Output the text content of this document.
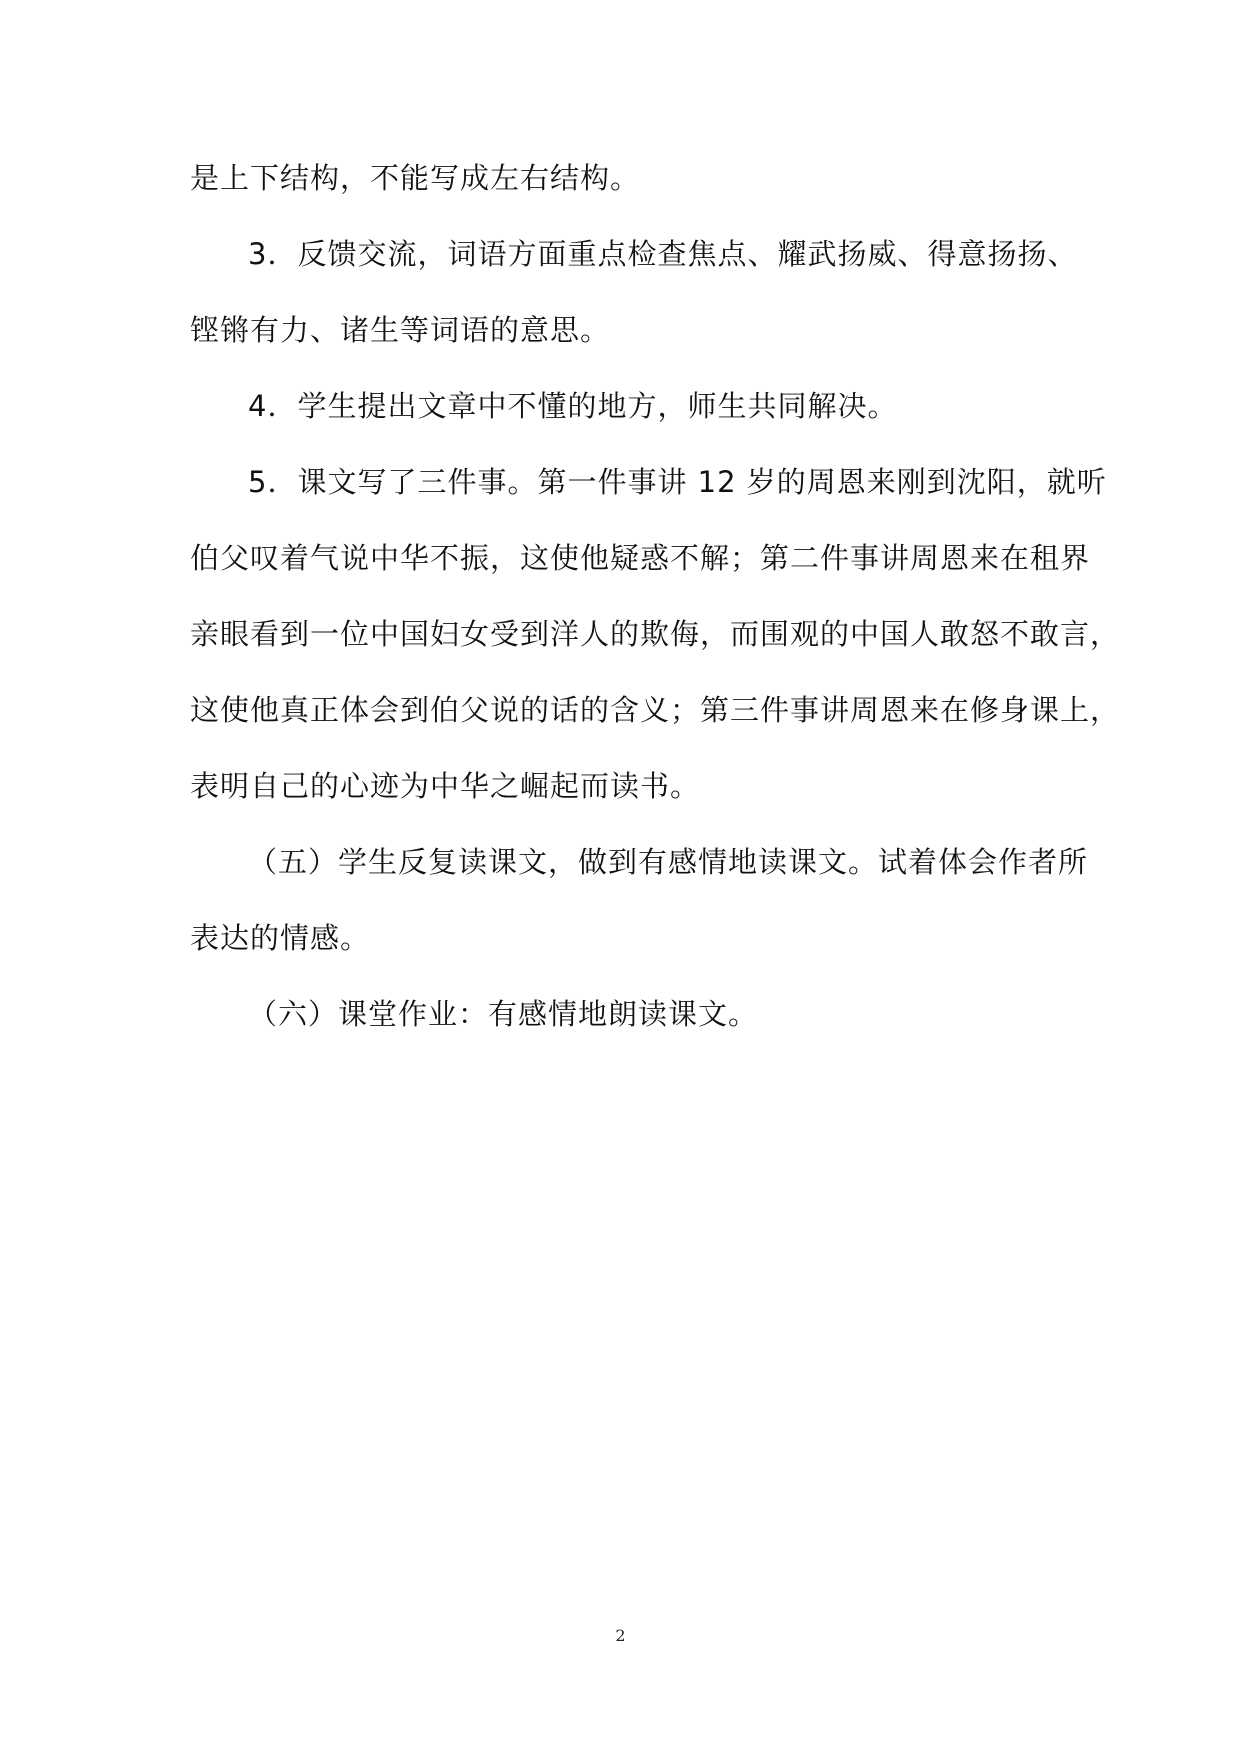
是上下结构，不能写成左右结构。

3．反馈交流，词语方面重点检查焦点、耀武扬威、得意扬扬、
铿锵有力、诸生等词语的意思。

4．学生提出文章中不懂的地方，师生共同解决。

5．课文写了三件事。第一件事讲 12 岁的周恩来刚到沈阳，就听
伯父叹着气说中华不振，这使他疑惑不解；第二件事讲周恩来在租界
亲眼看到一位中国妇女受到洋人的欺侮，而围观的中国人敢怒不敢言，
这使他真正体会到伯父说的话的含义；第三件事讲周恩来在修身课上，
表明自己的心迹为中华之崛起而读书。

（五）学生反复读课文，做到有感情地读课文。试着体会作者所
表达的情感。

（六）课堂作业：有感情地朗读课文。

2
